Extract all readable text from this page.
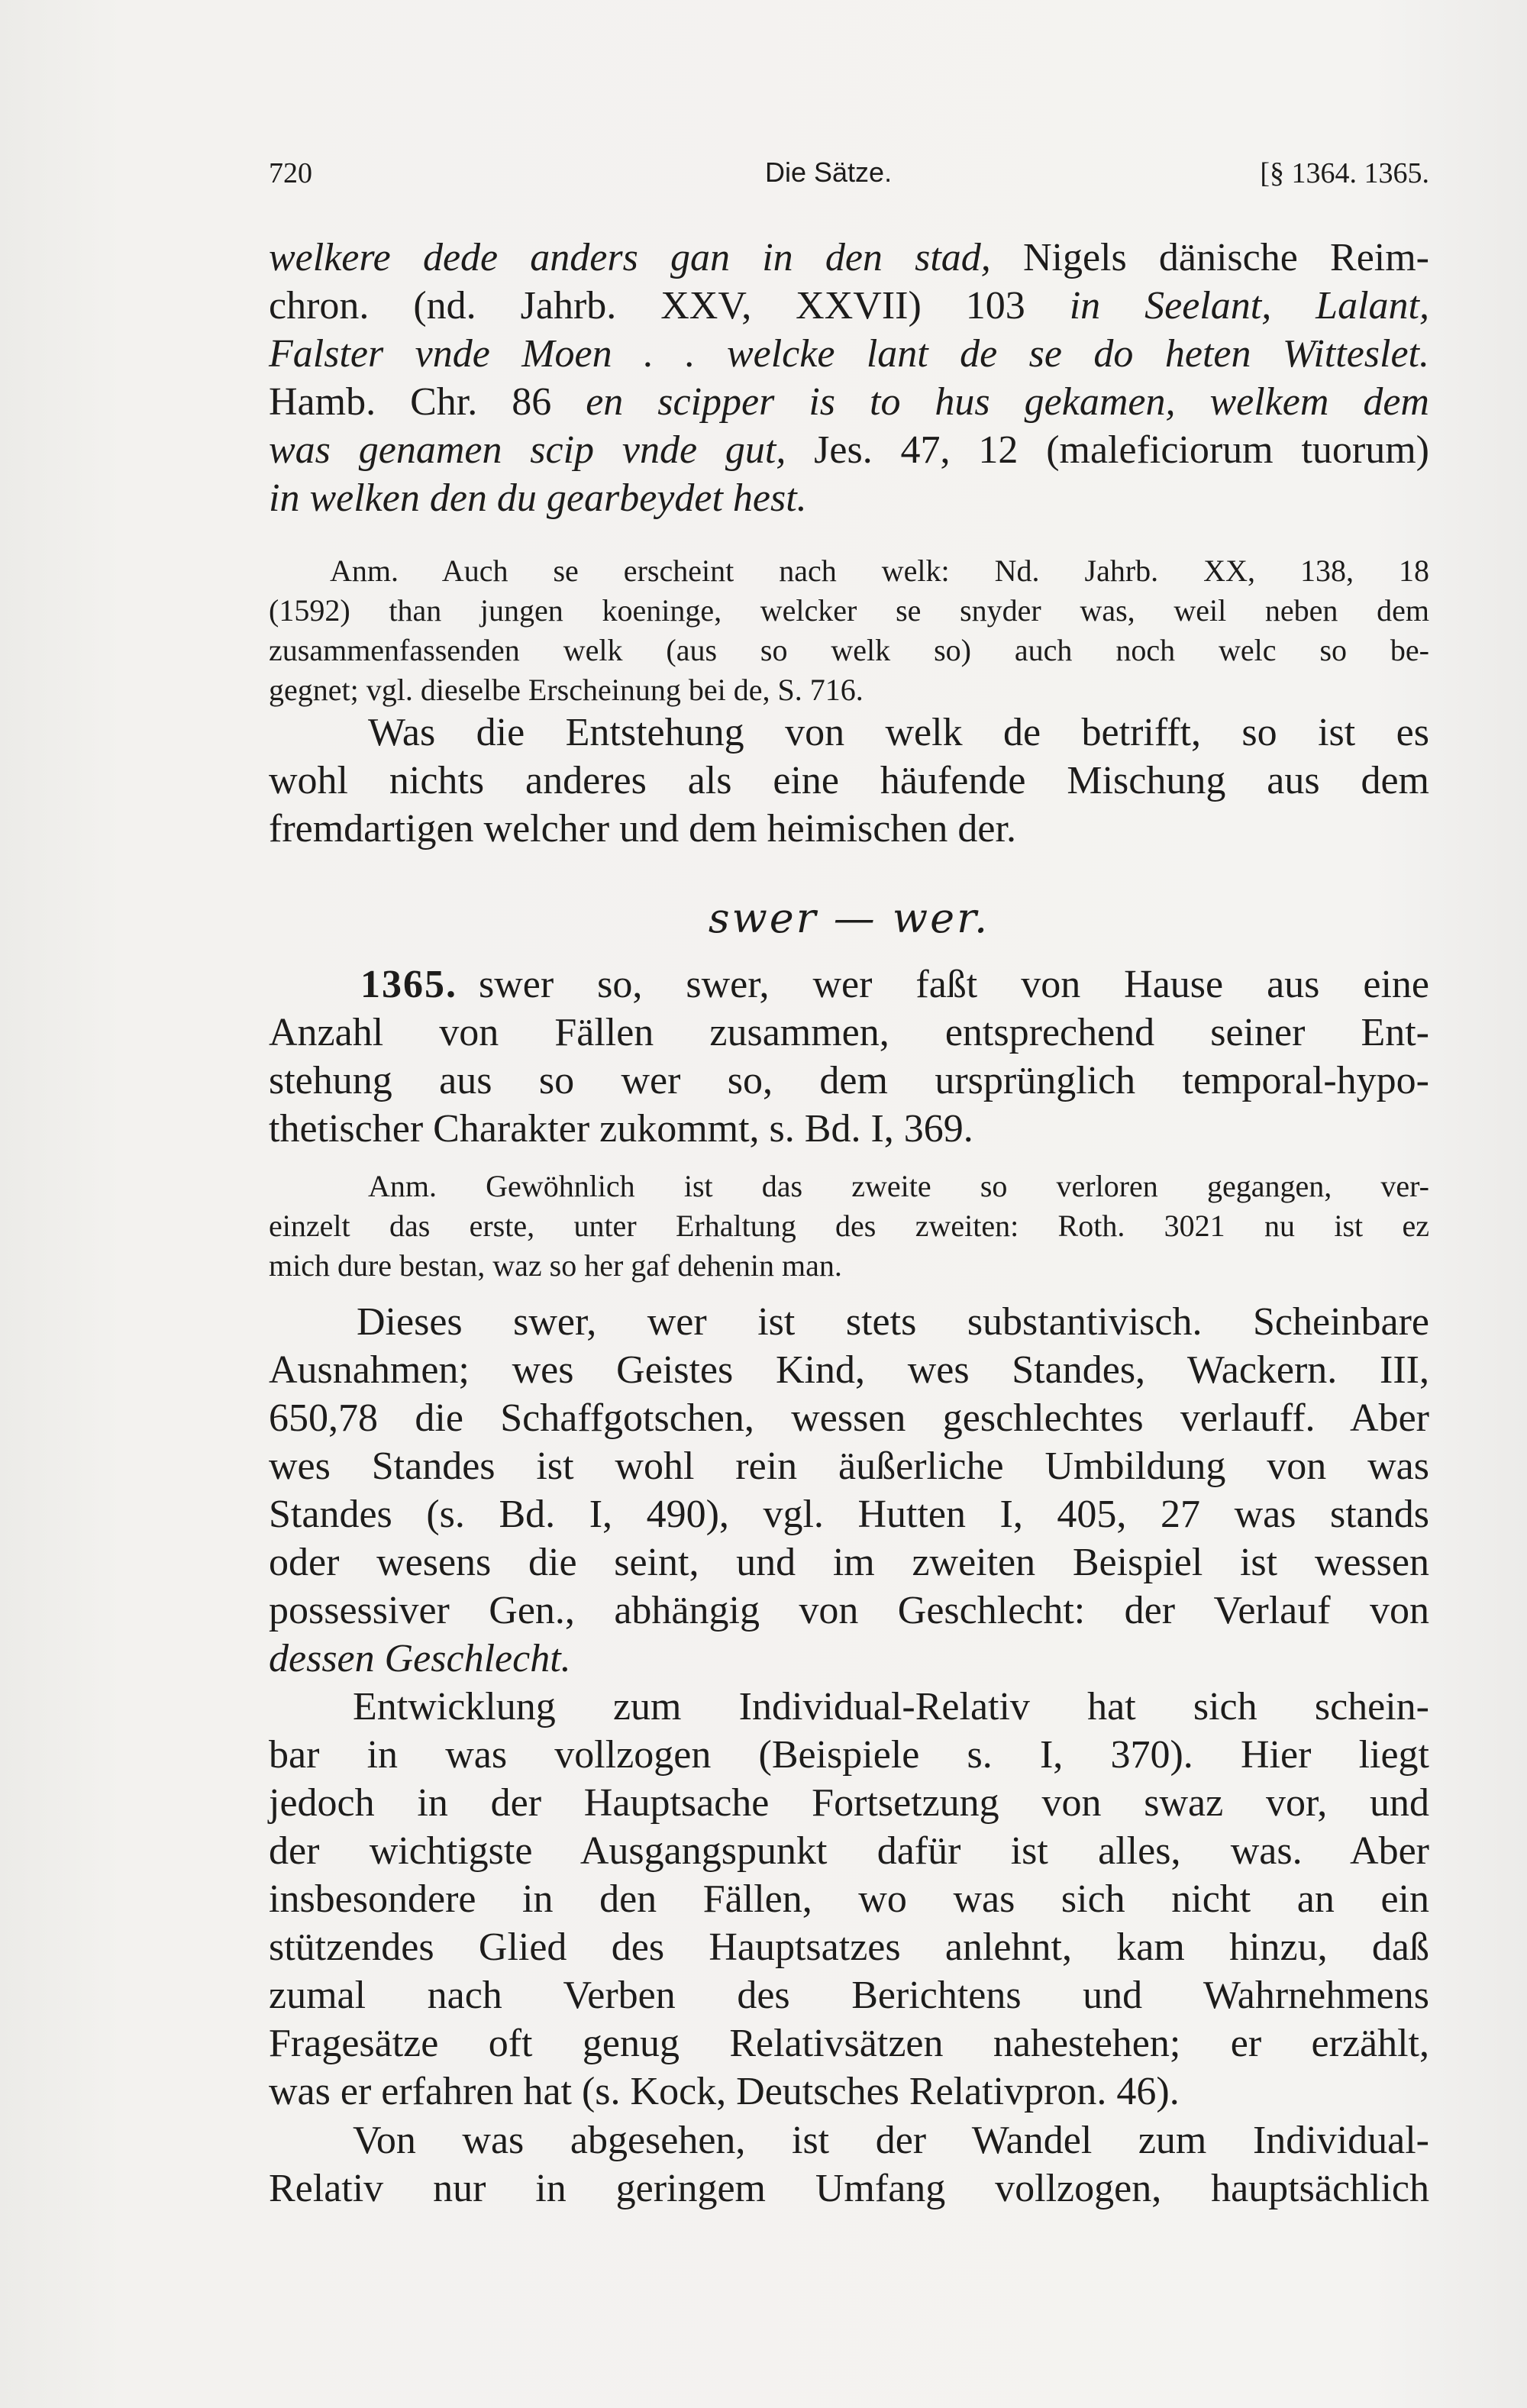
720	Die Sätze.	[§ 1364. 1365.
welkere dede anders gan in den stad, Nigels dänische Reim-
chron. (nd. Jahrb. XXV, XXVII) 103 in Seelant, Lalant,
Falster vnde Moen . . welcke lant de se do heten Witteslet.
Hamb. Chr. 86 en scipper is to hus gekamen, welkem dem
was genamen scip vnde gut, Jes. 47, 12 (maleficiorum tuorum)
in welken den du gearbeydet hest.
Anm. Auch se erscheint nach welk: Nd. Jahrb. XX, 138, 18
(1592) than jungen koeninge, welcker se snyder was, weil neben dem
zusammenfassenden welk (aus so welk so) auch noch welc so be-
gegnet; vgl. dieselbe Erscheinung bei de, S. 716.
Was die Entstehung von welk de betrifft, so ist es
wohl nichts anderes als eine häufende Mischung aus dem
fremdartigen welcher und dem heimischen der.
swer — wer.
1365. swer so, swer, wer faßt von Hause aus eine
Anzahl von Fällen zusammen, entsprechend seiner Ent-
stehung aus so wer so, dem ursprünglich temporal-hypo-
thetischer Charakter zukommt, s. Bd. I, 369.
Anm. Gewöhnlich ist das zweite so verloren gegangen, ver-
einzelt das erste, unter Erhaltung des zweiten: Roth. 3021 nu ist ez
mich dure bestan, waz so her gaf dehenin man.
Dieses swer, wer ist stets substantivisch. Scheinbare
Ausnahmen; wes Geistes Kind, wes Standes, Wackern. III,
650,78 die Schaffgotschen, wessen geschlechtes verlauff. Aber
wes Standes ist wohl rein äußerliche Umbildung von was
Standes (s. Bd. I, 490), vgl. Hutten I, 405, 27 was stands
oder wesens die seint, und im zweiten Beispiel ist wessen
possessiver Gen., abhängig von Geschlecht: der Verlauf von
dessen Geschlecht.
Entwicklung zum Individual-Relativ hat sich schein-
bar in was vollzogen (Beispiele s. I, 370). Hier liegt
jedoch in der Hauptsache Fortsetzung von swaz vor, und
der wichtigste Ausgangspunkt dafür ist alles, was. Aber
insbesondere in den Fällen, wo was sich nicht an ein
stützendes Glied des Hauptsatzes anlehnt, kam hinzu, daß
zumal nach Verben des Berichtens und Wahrnehmens
Fragesätze oft genug Relativsätzen nahestehen; er erzählt,
was er erfahren hat (s. Kock, Deutsches Relativpron. 46).
Von was abgesehen, ist der Wandel zum Individual-
Relativ nur in geringem Umfang vollzogen, hauptsächlich
